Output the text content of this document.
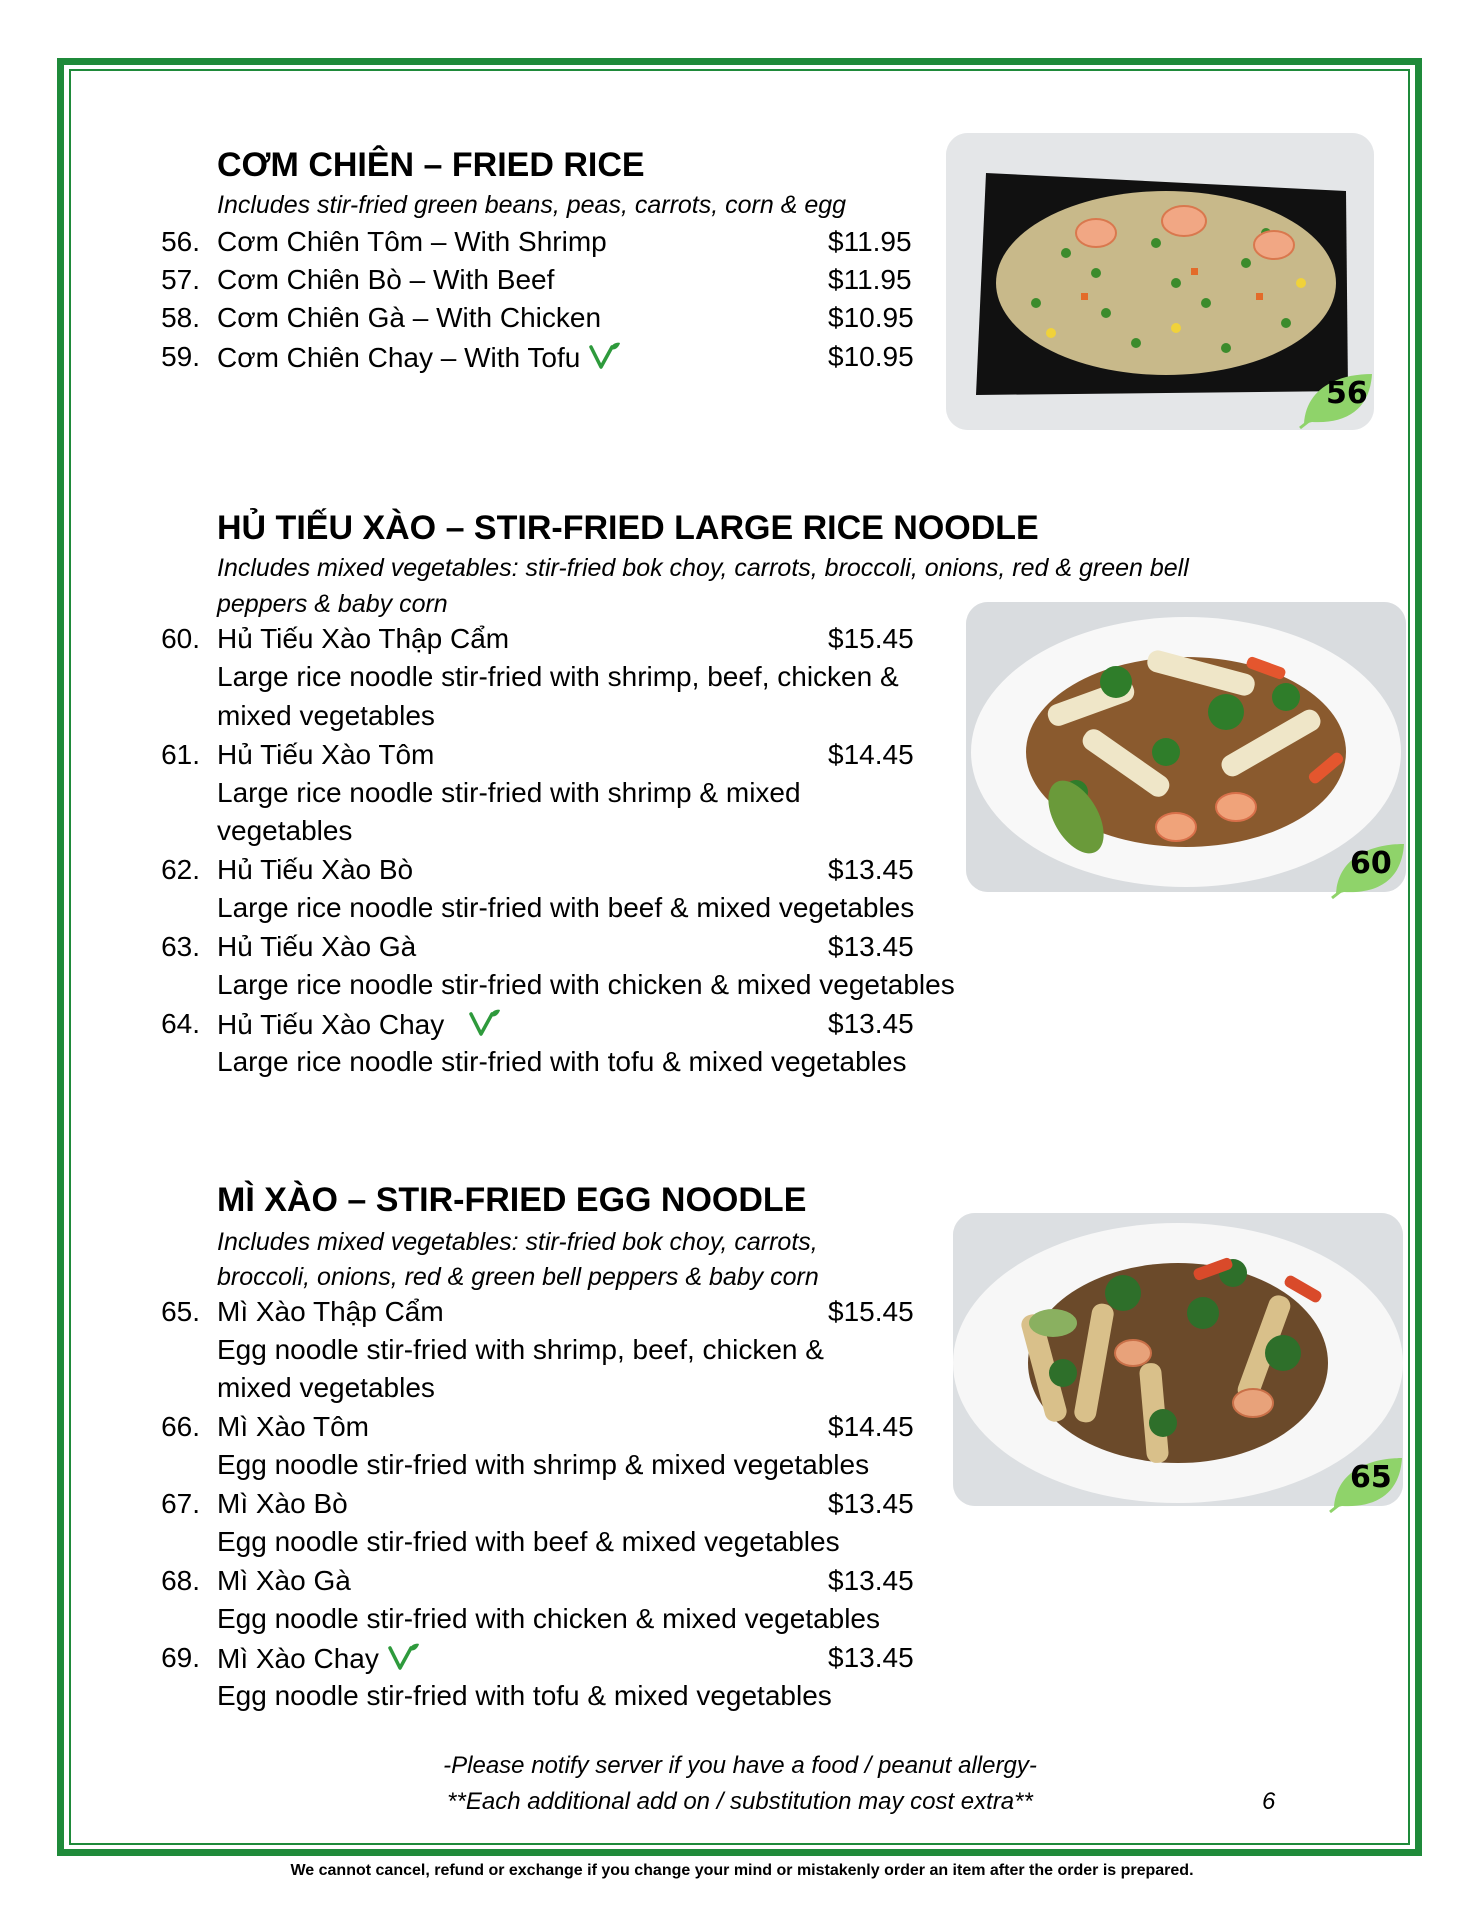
CƠM CHIÊN – FRIED RICE
Includes stir-fried green beans, peas, carrots, corn & egg
56. Cơm Chiên Tôm – With Shrimp	$11.95
57. Cơm Chiên Bò – With Beef	$11.95
58. Cơm Chiên Gà – With Chicken	$10.95
59. Cơm Chiên Chay – With Tofu	$10.95
56
HỦ TIẾU XÀO – STIR-FRIED LARGE RICE NOODLE
Includes mixed vegetables: stir-fried bok choy, carrots, broccoli, onions, red & green bell
peppers & baby corn
60. Hủ Tiếu Xào Thập Cẩm	$15.45
Large rice noodle stir-fried with shrimp, beef, chicken &
mixed vegetables
61. Hủ Tiếu Xào Tôm	$14.45
Large rice noodle stir-fried with shrimp & mixed
vegetables
62. Hủ Tiếu Xào Bò	$13.45
Large rice noodle stir-fried with beef & mixed vegetables
63. Hủ Tiếu Xào Gà	$13.45
Large rice noodle stir-fried with chicken & mixed vegetables
64. Hủ Tiếu Xào Chay	$13.45
Large rice noodle stir-fried with tofu & mixed vegetables
60
MÌ XÀO – STIR-FRIED EGG NOODLE
Includes mixed vegetables: stir-fried bok choy, carrots,
broccoli, onions, red & green bell peppers & baby corn
65. Mì Xào Thập Cẩm	$15.45
Egg noodle stir-fried with shrimp, beef, chicken &
mixed vegetables
66. Mì Xào Tôm	$14.45
Egg noodle stir-fried with shrimp & mixed vegetables
67. Mì Xào Bò	$13.45
Egg noodle stir-fried with beef & mixed vegetables
68. Mì Xào Gà	$13.45
Egg noodle stir-fried with chicken & mixed vegetables
69. Mì Xào Chay	$13.45
Egg noodle stir-fried with tofu & mixed vegetables
65
-Please notify server if you have a food / peanut allergy-
**Each additional add on / substitution may cost extra**	6
We cannot cancel, refund or exchange if you change your mind or mistakenly order an item after the order is prepared.
